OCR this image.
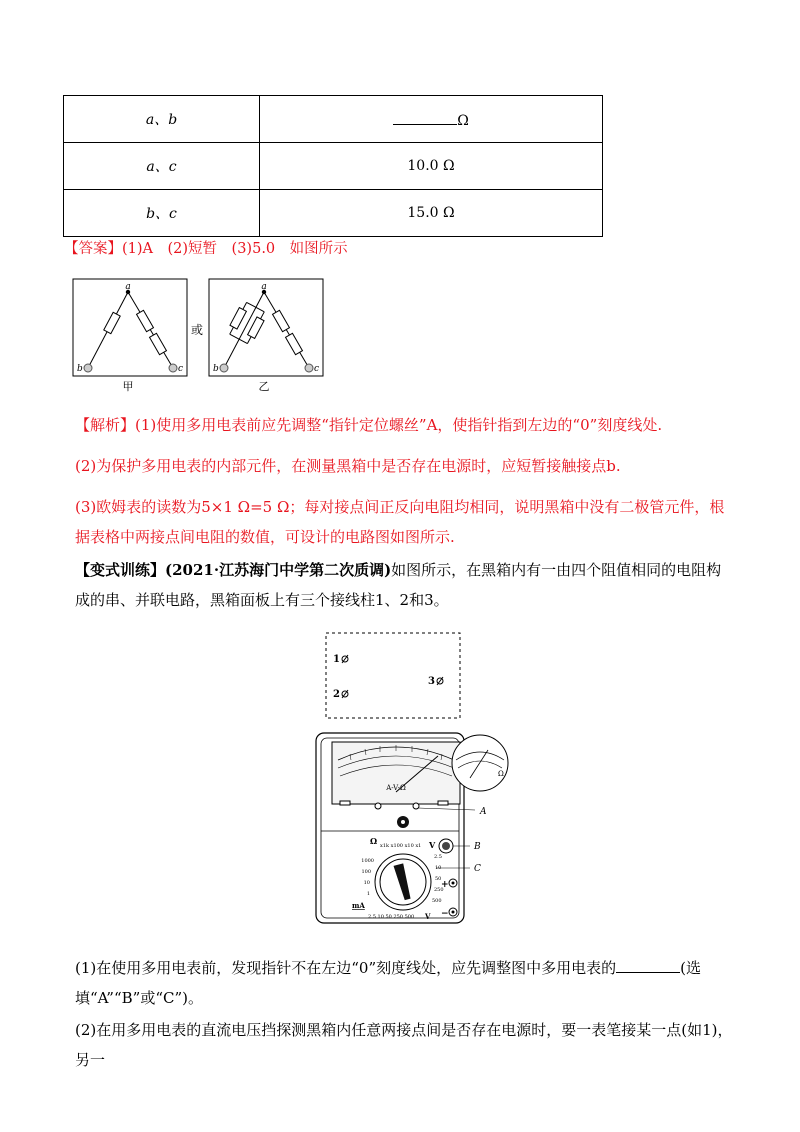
a、b	Ω
a、c	10.0 Ω
b、c	15.0 Ω
【答案】(1)A　(2)短暂　(3)5.0　如图所示
a
b	c
甲
或
a
b	c
乙
【解析】(1)使用多用电表前应先调整“指针定位螺丝”A，使指针指到左边的“0”刻度线处.
(2)为保护多用电表的内部元件，在测量黑箱中是否存在电源时，应短暂接触接点b.
(3)欧姆表的读数为5×1 Ω=5 Ω；每对接点间正反向电阻均相同，说明黑箱中没有二极管元件，根据表格中两接点间电阻的数值，可设计的电路图如图所示.
【变式训练】(2021·江苏海门中学第二次质调)如图所示，在黑箱内有一由四个阻值相同的电阻构成的串、并联电路，黑箱面板上有三个接线柱1、2和3。
1
2
3
A-V-Ω
Ω
A
Ω x1k x100 x10 x1 V	B
C
1000
100
10
1
2.5
10
50
250
500
mA
2.5 10 50 250 500 V
+
−
(1)在使用多用电表前，发现指针不在左边“0”刻度线处，应先调整图中多用电表的	(选填“A”“B”或“C”)。
(2)在用多用电表的直流电压挡探测黑箱内任意两接点间是否存在电源时，要一表笔接某一点(如1)，另一
